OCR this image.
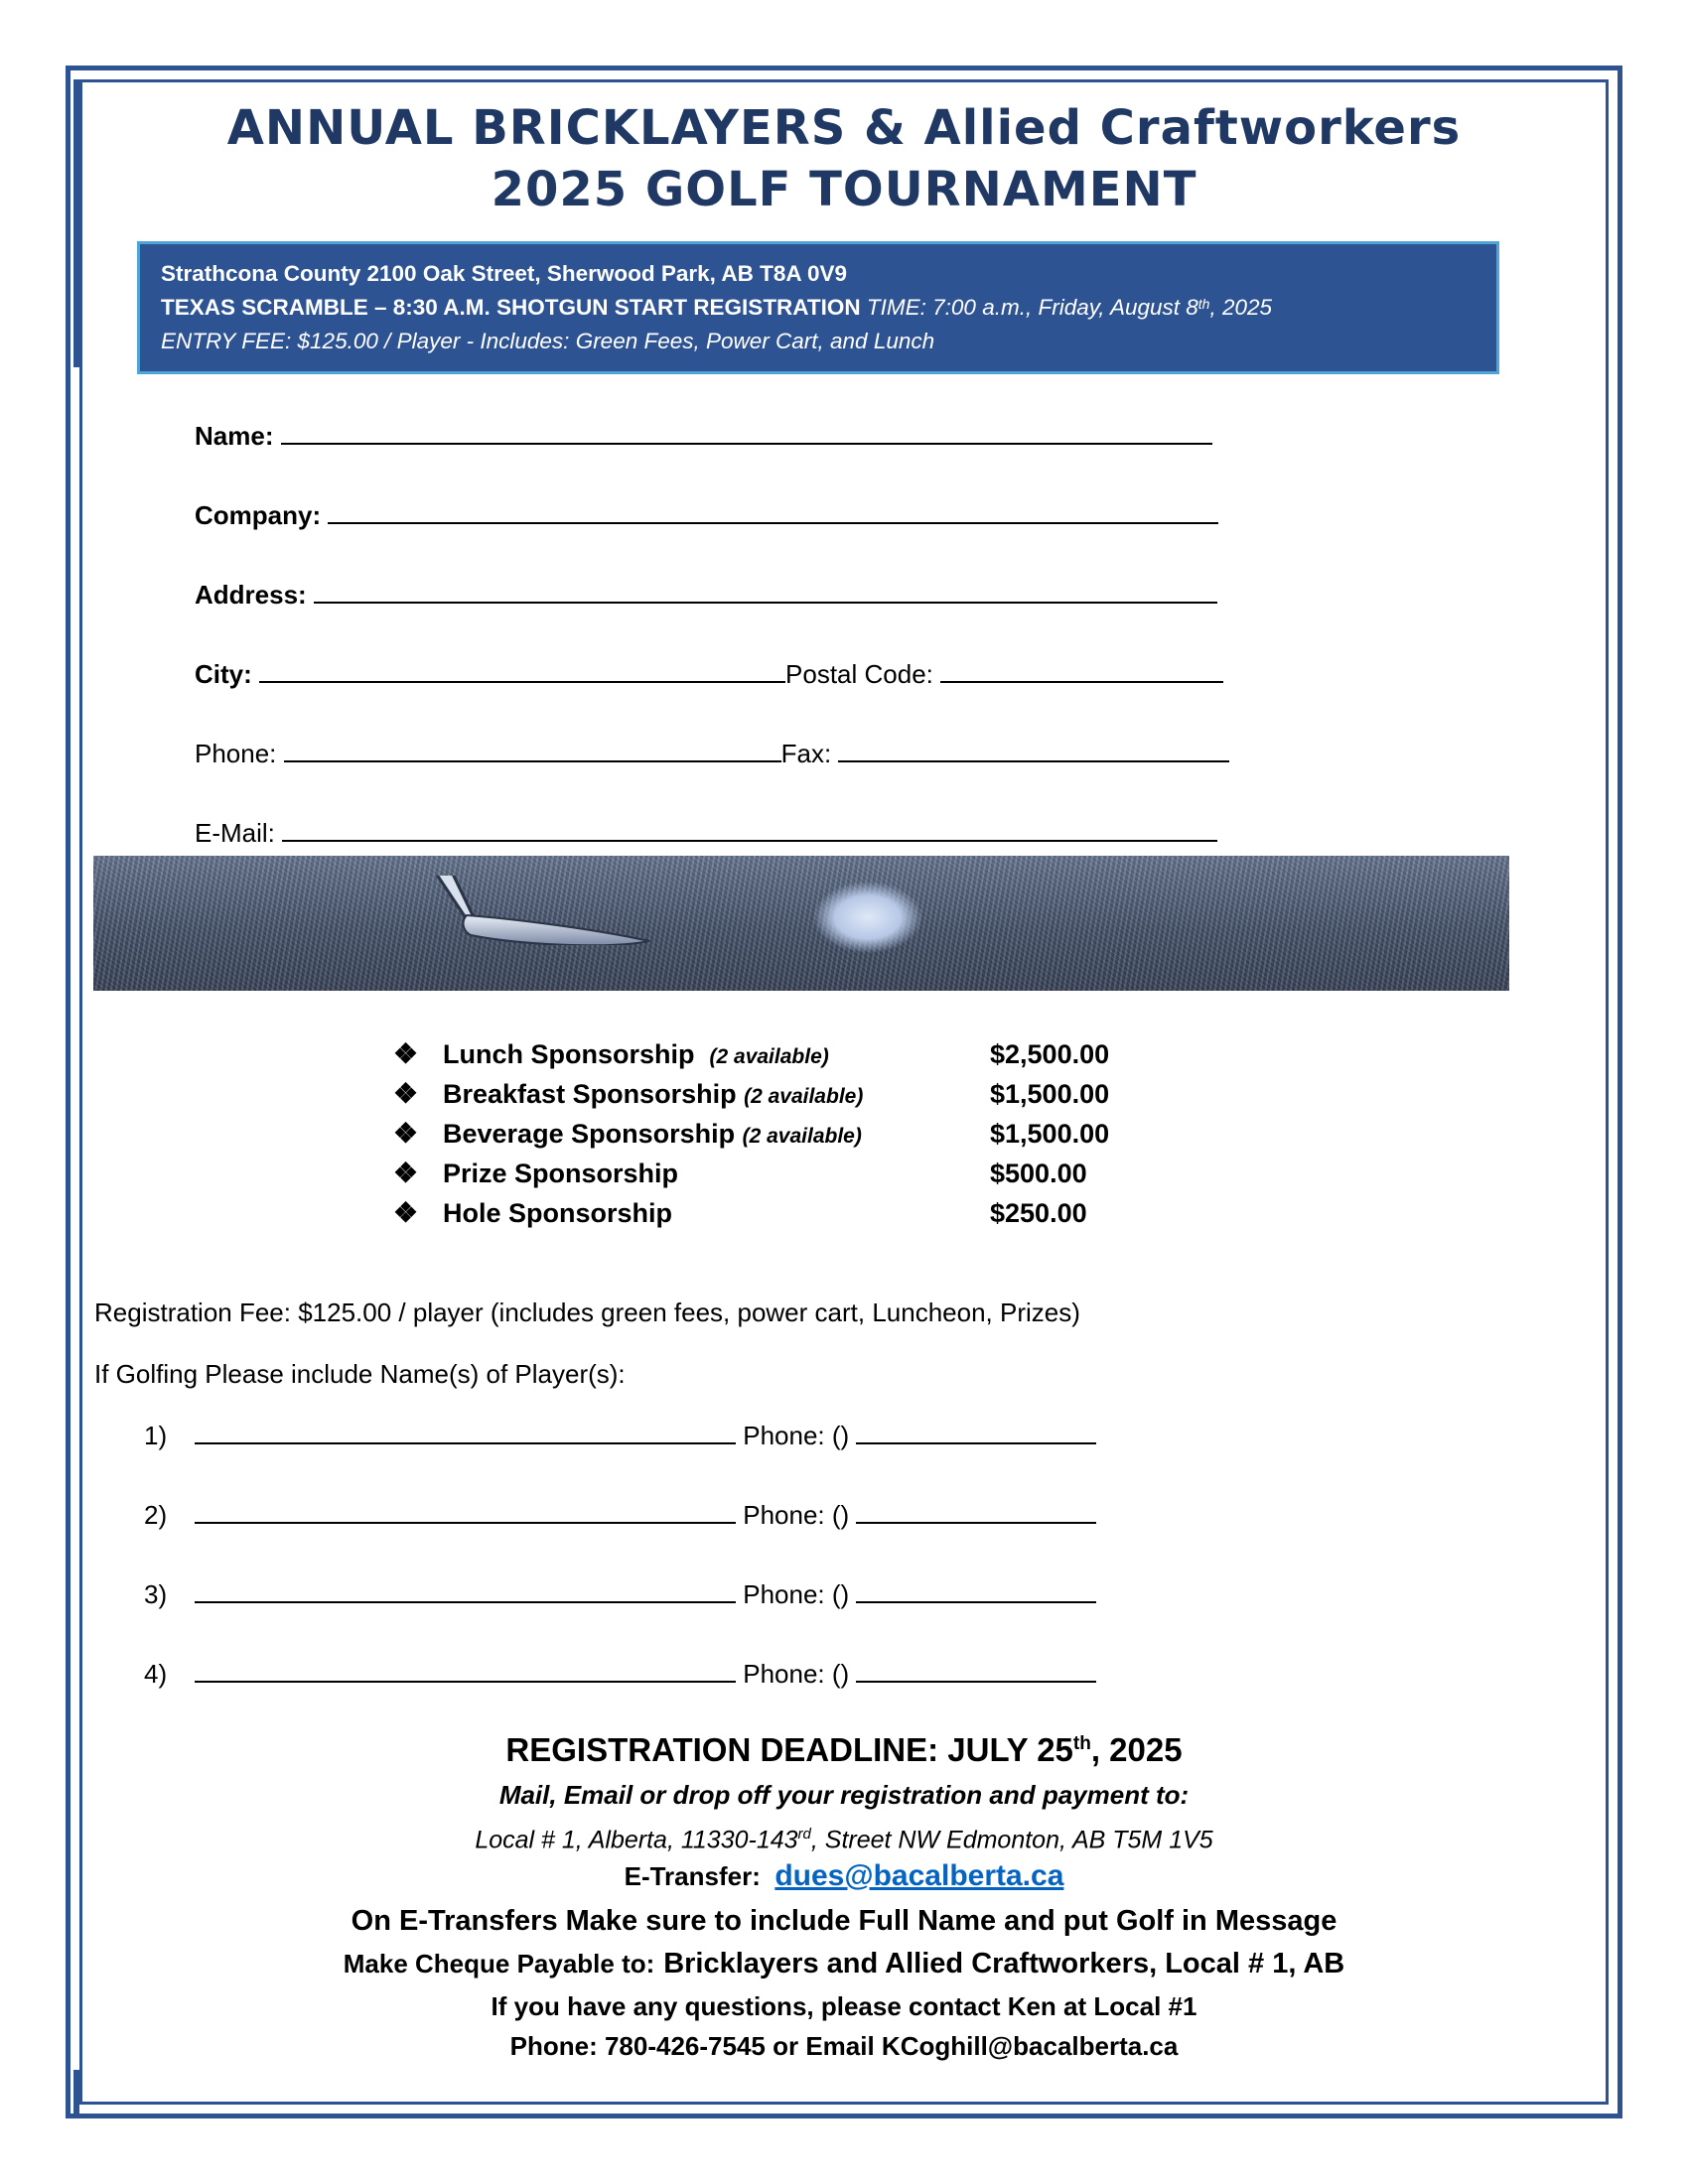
ANNUAL BRICKLAYERS & Allied Craftworkers
2025 GOLF TOURNAMENT
Strathcona County 2100 Oak Street, Sherwood Park, AB T8A 0V9
TEXAS SCRAMBLE – 8:30 A.M. SHOTGUN START REGISTRATION TIME: 7:00 a.m., Friday, August 8th, 2025
ENTRY FEE: $125.00 / Player - Includes: Green Fees, Power Cart, and Lunch
Name:
Company:
Address:
City:	Postal Code:
Phone:	Fax:
E-Mail:
❖ Lunch Sponsorship (2 available)	$2,500.00
❖ Breakfast Sponsorship (2 available)	$1,500.00
❖ Beverage Sponsorship (2 available)	$1,500.00
❖ Prize Sponsorship	$500.00
❖ Hole Sponsorship	$250.00
Registration Fee: $125.00 / player (includes green fees, power cart, Luncheon, Prizes)
If Golfing Please include Name(s) of Player(s):
1)	Phone: ()
2)	Phone: ()
3)	Phone: ()
4)	Phone: ()
REGISTRATION DEADLINE: JULY 25th, 2025
Mail, Email or drop off your registration and payment to:
Local # 1, Alberta, 11330-143rd, Street NW Edmonton, AB T5M 1V5
E-Transfer: dues@bacalberta.ca
On E-Transfers Make sure to include Full Name and put Golf in Message
Make Cheque Payable to: Bricklayers and Allied Craftworkers, Local # 1, AB
If you have any questions, please contact Ken at Local #1
Phone: 780-426-7545 or Email KCoghill@bacalberta.ca
